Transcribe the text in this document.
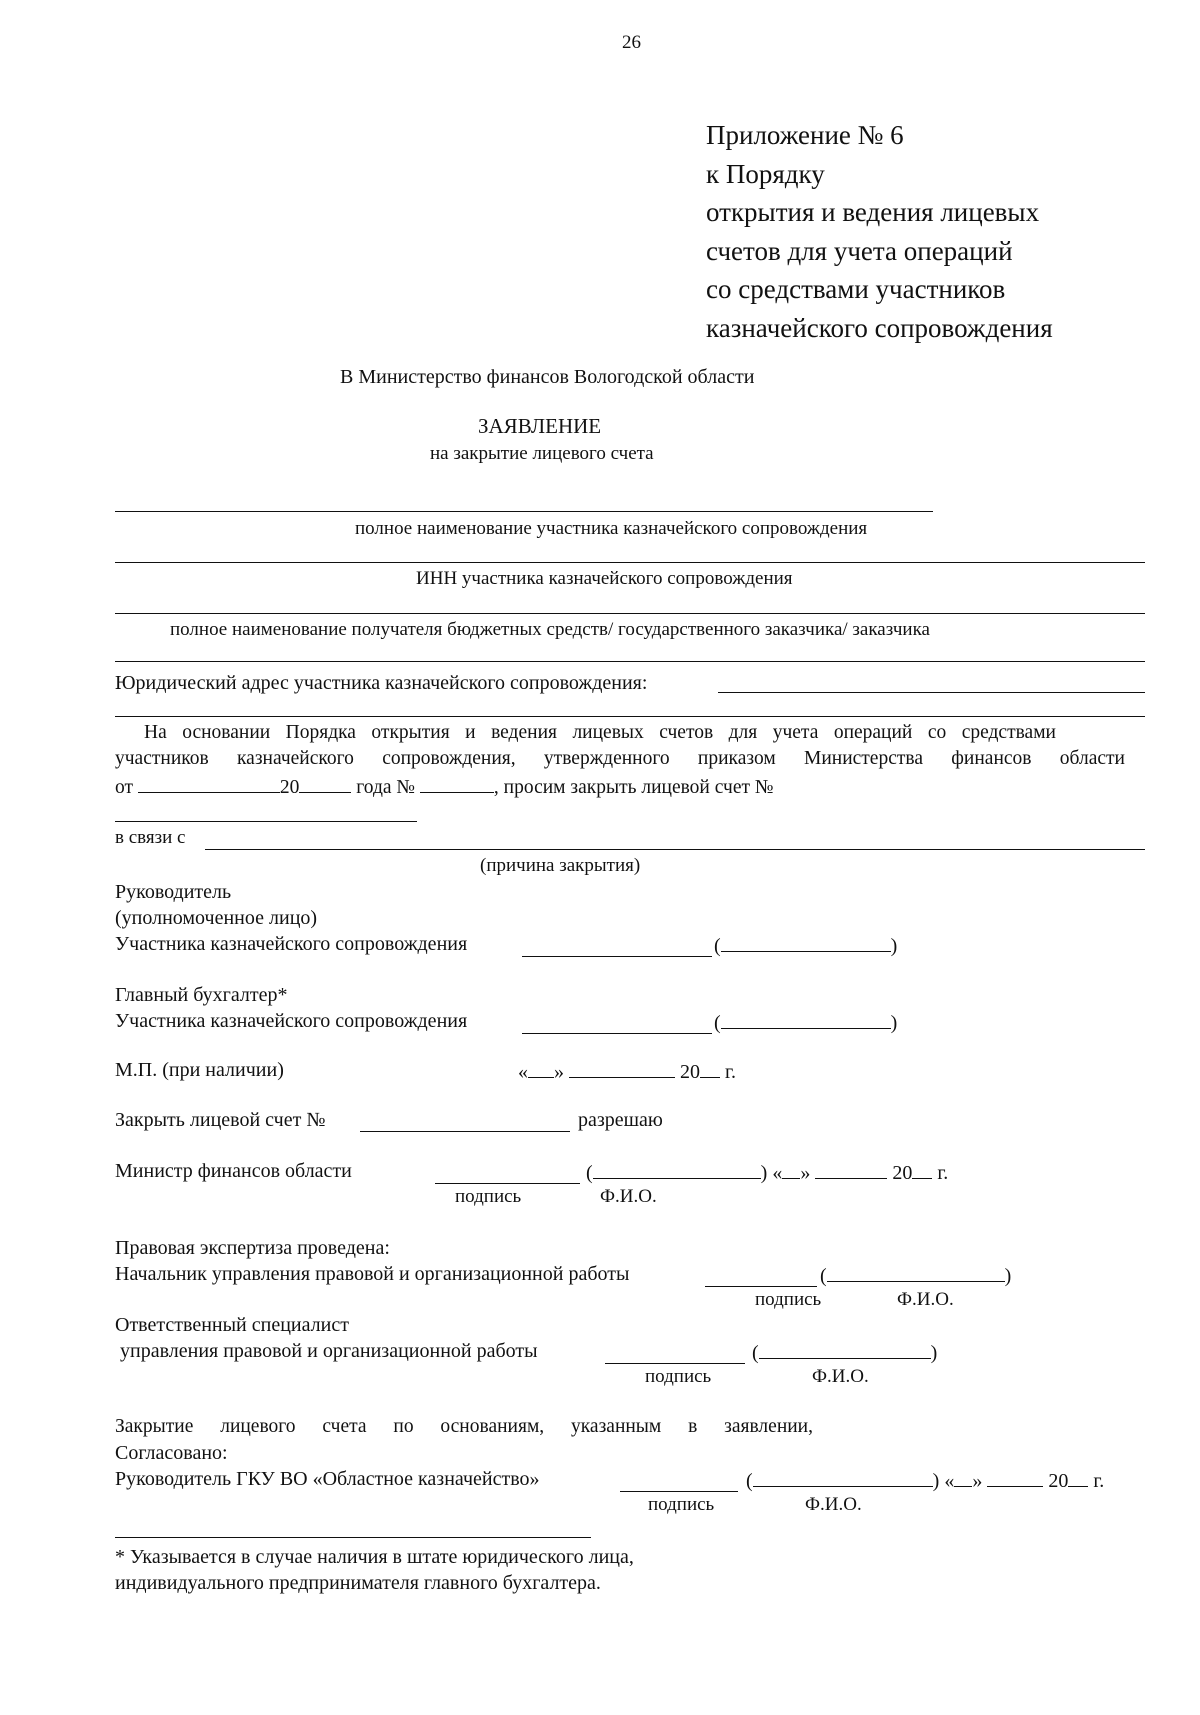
26
Приложение № 6
к Порядку
открытия и ведения лицевых
счетов для учета операций
со средствами участников
казначейского сопровождения
В Министерство финансов Вологодской области
ЗАЯВЛЕНИЕ
на закрытие лицевого счета
полное наименование участника казначейского сопровождения
ИНН участника казначейского сопровождения
полное наименование получателя бюджетных средств/ государственного заказчика/ заказчика
Юридический адрес участника казначейского сопровождения:
На основании Порядка открытия и ведения лицевых счетов для учета операций со средствами
участников казначейского сопровождения, утвержденного приказом Министерства финансов области
от	20	года №	, просим закрыть лицевой счет №
в связи с
(причина закрытия)
Руководитель
(уполномоченное лицо)
Участника казначейского сопровождения	(	)
Главный бухгалтер*
Участника казначейского сопровождения	(	)
М.П. (при наличии)	« »	20 г.
Закрыть лицевой счет №	разрешаю
Министр финансов области	(	) « »	20 г.
подпись	Ф.И.О.
Правовая экспертиза проведена:
Начальник управления правовой и организационной работы	(	)
подпись	Ф.И.О.
Ответственный специалист
управления правовой и организационной работы	(	)
подпись	Ф.И.О.
Закрытие лицевого счета по основаниям, указанным в заявлении,
Согласовано:
Руководитель ГКУ ВО «Областное казначейство»	(	) « »	20 г.
подпись	Ф.И.О.
* Указывается в случае наличия в штате юридического лица,
индивидуального предпринимателя главного бухгалтера.
